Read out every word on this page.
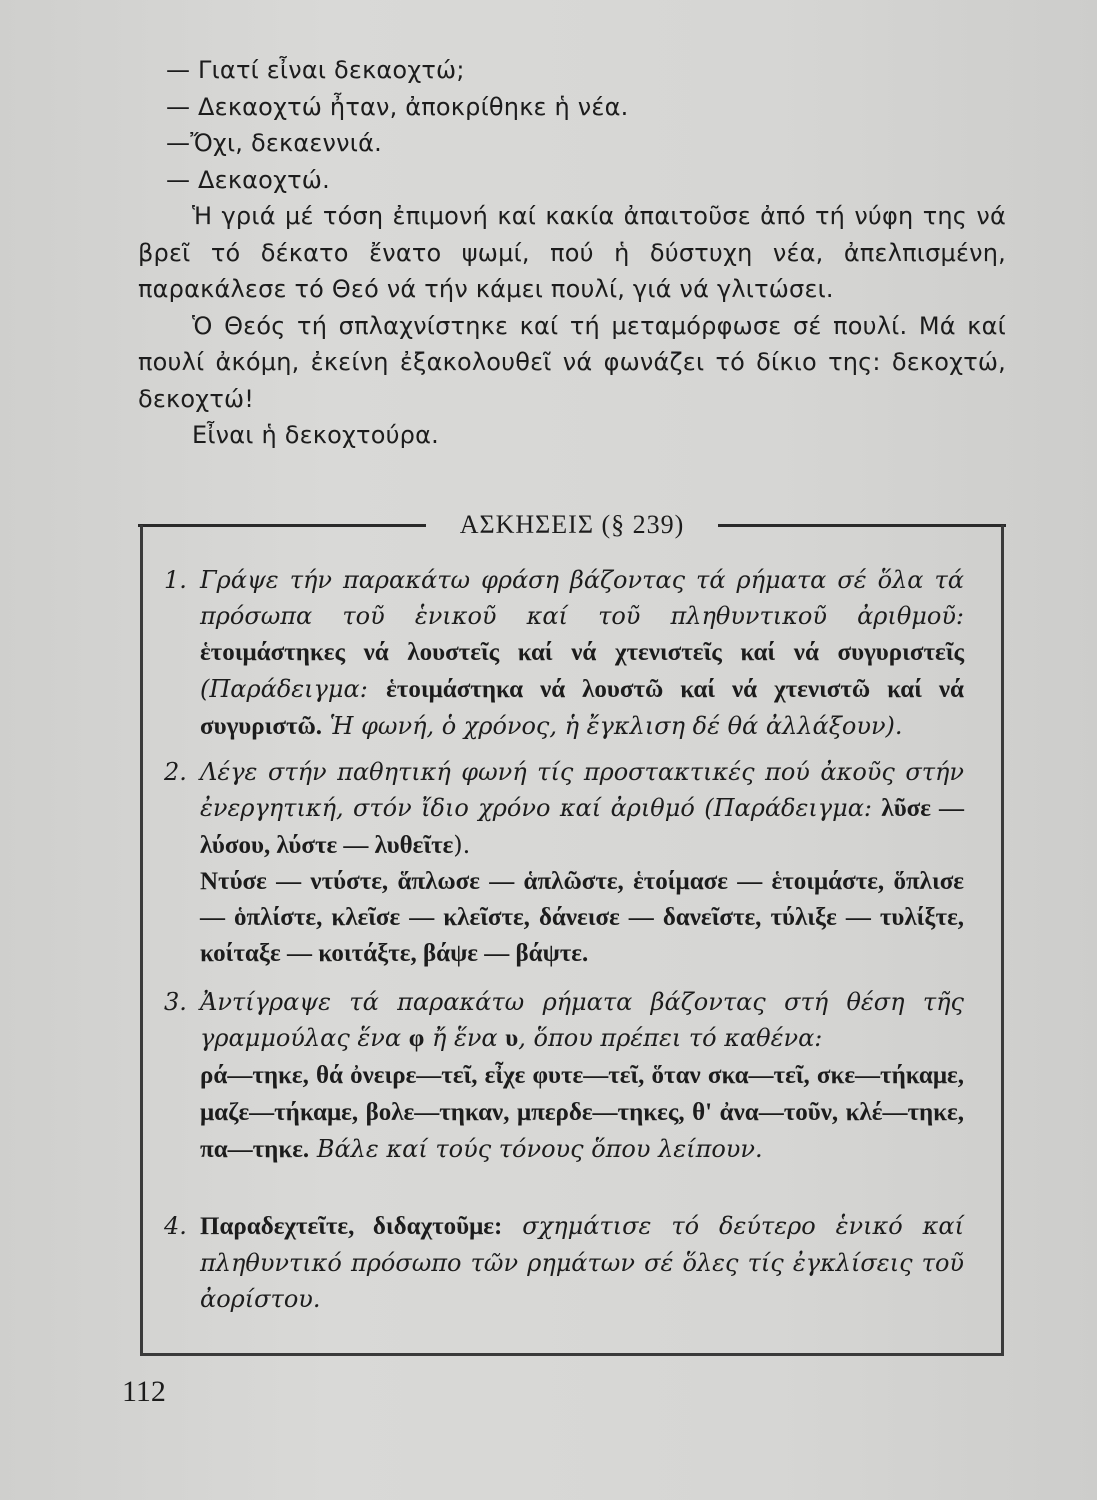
— Γιατί εἶναι δεκαοχτώ;

— Δεκαοχτώ ἦταν, ἀποκρίθηκε ἡ νέα.

—Ὄχι, δεκαεννιά.

— Δεκαοχτώ.

Ἡ γριά μέ τόση ἐπιμονή καί κακία ἀπαιτοῦσε ἀπό τή νύφη της νά βρεῖ τό δέκατο ἔνατο ψωμί, πού ἡ δύστυχη νέα, ἀπελπισμένη, παρακάλεσε τό Θεό νά τήν κάμει πουλί, γιά νά γλιτώσει.

Ὁ Θεός τή σπλαχνίστηκε καί τή μεταμόρφωσε σέ πουλί. Μά καί πουλί ἀκόμη, ἐκείνη ἐξακολουθεῖ νά φωνάζει τό δίκιο της: δεκοχτώ, δεκοχτώ!

Εἶναι ἡ δεκοχτούρα.

ΑΣΚΗΣΕΙΣ (§ 239)
1. Γράψε τήν παρακάτω φράση βάζοντας τά ρήματα σέ ὅλα τά πρόσωπα τοῦ ἑνικοῦ καί τοῦ πληθυντικοῦ ἀριθμοῦ: ἑτοιμάστηκες νά λουστεῖς καί νά χτενιστεῖς καί νά συγυριστεῖς (Παράδειγμα: ἑτοιμάστηκα νά λουστῶ καί νά χτενιστῶ καί νά συγυριστῶ. Ἡ φωνή, ὁ χρόνος, ἡ ἔγκλιση δέ θά ἀλλάξουν).

2. Λέγε στήν παθητική φωνή τίς προστακτικές πού ἀκοῦς στήν ἐνεργητική, στόν ἴδιο χρόνο καί ἀριθμό (Παράδειγμα: λῦσε — λύσου, λύστε — λυθεῖτε).

Ντύσε — ντύστε, ἅπλωσε — ἁπλῶστε, ἑτοίμασε — ἑτοιμάστε, ὅπλισε — ὁπλίστε, κλεῖσε — κλεῖστε, δάνεισε — δανεῖστε, τύλιξε — τυλίξτε, κοίταξε — κοιτάξτε, βάψε — βάψτε.

3. Ἀντίγραψε τά παρακάτω ρήματα βάζοντας στή θέση τῆς γραμμούλας ἕνα φ ἤ ἕνα υ, ὅπου πρέπει τό καθένα:

ρά—τηκε, θά ὀνειρε—τεῖ, εἶχε φυτε—τεῖ, ὅταν σκα—τεῖ, σκε—τήκαμε, μαζε—τήκαμε, βολε—τηκαν, μπερδε—τηκες, θ' ἀνα—τοῦν, κλέ—τηκε, πα—τηκε. Βάλε καί τούς τόνους ὅπου λείπουν.

4. Παραδεχτεῖτε, διδαχτοῦμε: σχημάτισε τό δεύτερο ἑνικό καί πληθυντικό πρόσωπο τῶν ρημάτων σέ ὅλες τίς ἐγκλίσεις τοῦ ἀορίστου.

112
